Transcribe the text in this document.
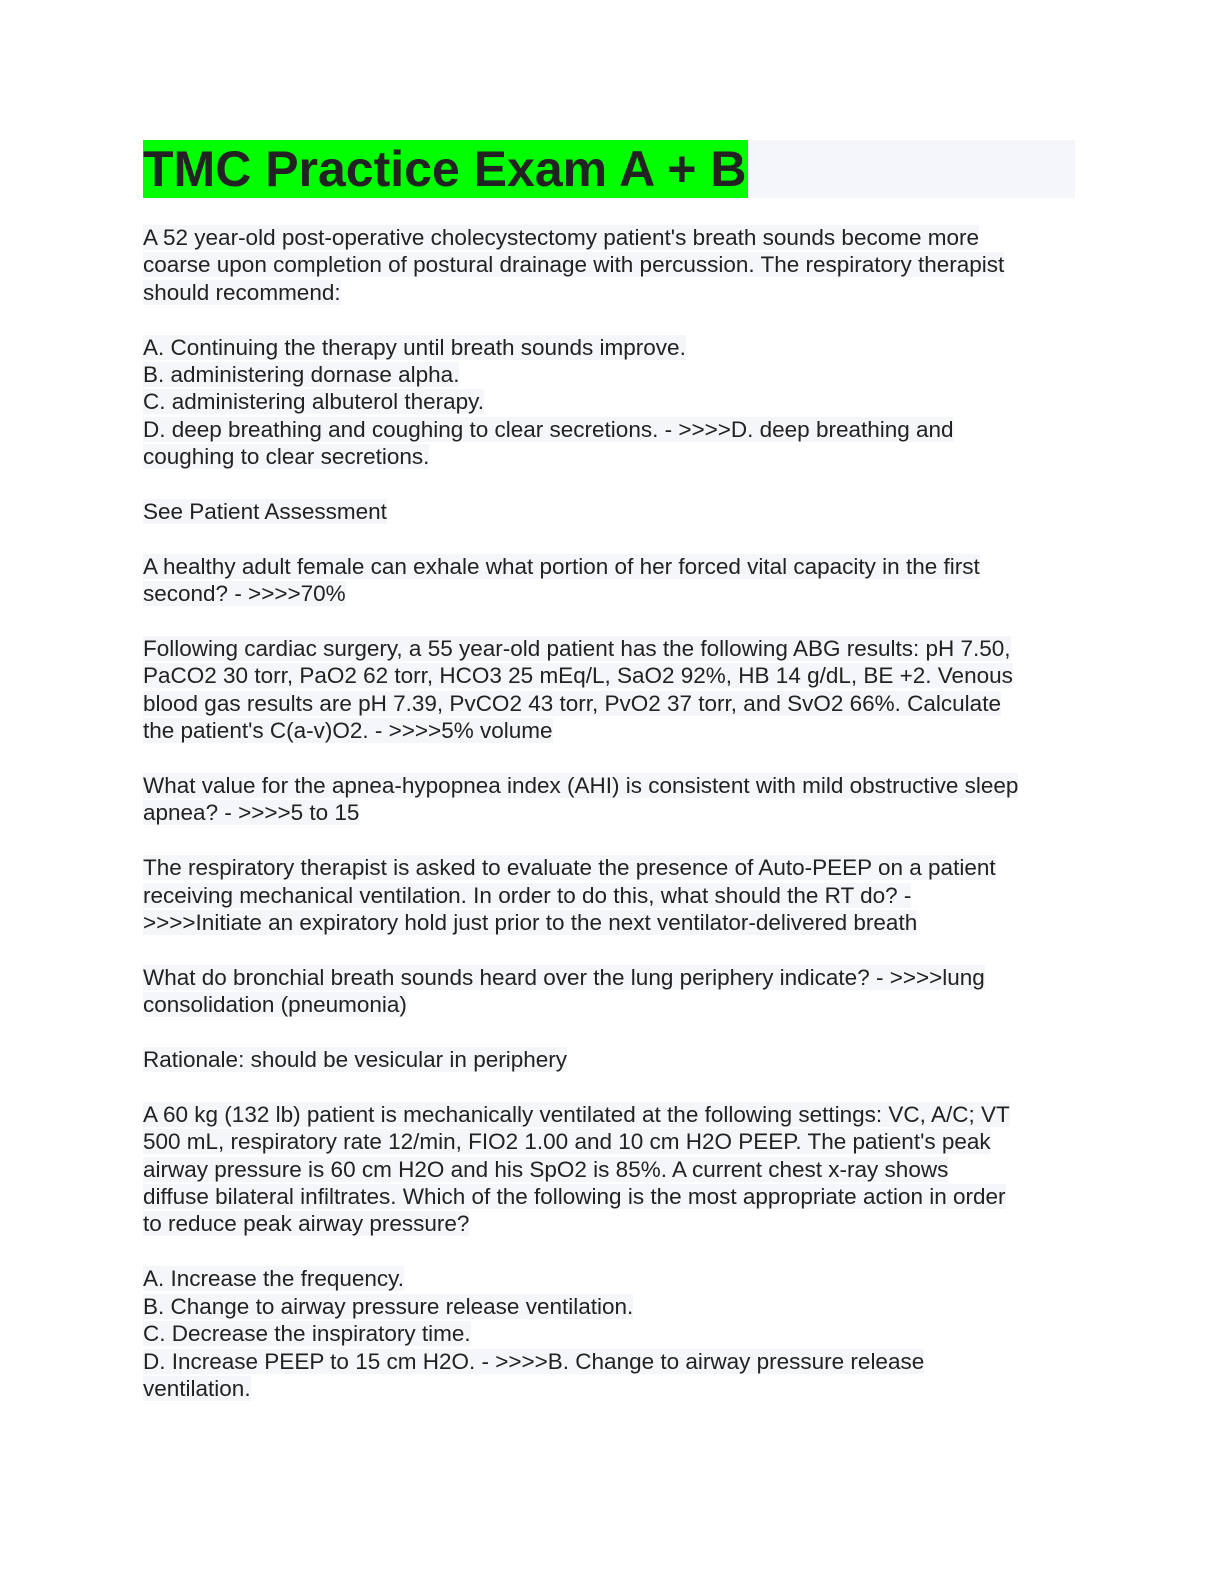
TMC Practice Exam A + B
A 52 year-old post-operative cholecystectomy patient's breath sounds become more
coarse upon completion of postural drainage with percussion. The respiratory therapist
should recommend:
A. Continuing the therapy until breath sounds improve.
B. administering dornase alpha.
C. administering albuterol therapy.
D. deep breathing and coughing to clear secretions. - >>>>D. deep breathing and
coughing to clear secretions.
See Patient Assessment
A healthy adult female can exhale what portion of her forced vital capacity in the first
second? - >>>>70%
Following cardiac surgery, a 55 year-old patient has the following ABG results: pH 7.50,
PaCO2 30 torr, PaO2 62 torr, HCO3 25 mEq/L, SaO2 92%, HB 14 g/dL, BE +2. Venous
blood gas results are pH 7.39, PvCO2 43 torr, PvO2 37 torr, and SvO2 66%. Calculate
the patient's C(a-v)O2. - >>>>5% volume
What value for the apnea-hypopnea index (AHI) is consistent with mild obstructive sleep
apnea? - >>>>5 to 15
The respiratory therapist is asked to evaluate the presence of Auto-PEEP on a patient
receiving mechanical ventilation. In order to do this, what should the RT do? -
>>>>Initiate an expiratory hold just prior to the next ventilator-delivered breath
What do bronchial breath sounds heard over the lung periphery indicate? - >>>>lung
consolidation (pneumonia)
Rationale: should be vesicular in periphery
A 60 kg (132 lb) patient is mechanically ventilated at the following settings: VC, A/C; VT
500 mL, respiratory rate 12/min, FIO2 1.00 and 10 cm H2O PEEP. The patient's peak
airway pressure is 60 cm H2O and his SpO2 is 85%. A current chest x-ray shows
diffuse bilateral infiltrates. Which of the following is the most appropriate action in order
to reduce peak airway pressure?
A. Increase the frequency.
B. Change to airway pressure release ventilation.
C. Decrease the inspiratory time.
D. Increase PEEP to 15 cm H2O. - >>>>B. Change to airway pressure release
ventilation.
